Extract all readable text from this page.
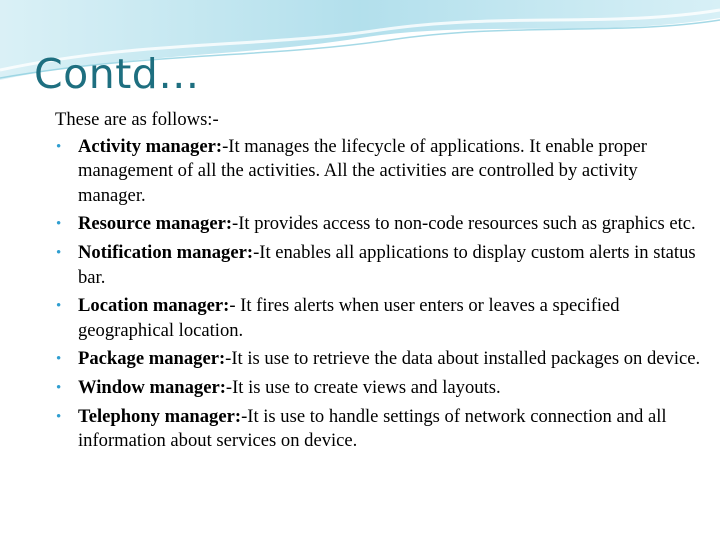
Contd…

These are as follows:-

• Activity manager:-It manages the lifecycle of applications. It enable proper management of all the activities. All the activities are controlled by activity manager.
• Resource manager:-It provides access to non-code resources such as graphics etc.
• Notification manager:-It enables all applications to display custom alerts in status bar.
• Location manager:- It fires alerts when user enters or leaves a specified geographical location.
• Package manager:-It is use to retrieve the data about installed packages on device.
• Window manager:-It is use to create views and layouts.
• Telephony manager:-It is use to handle settings of network connection and all information about services on device.
